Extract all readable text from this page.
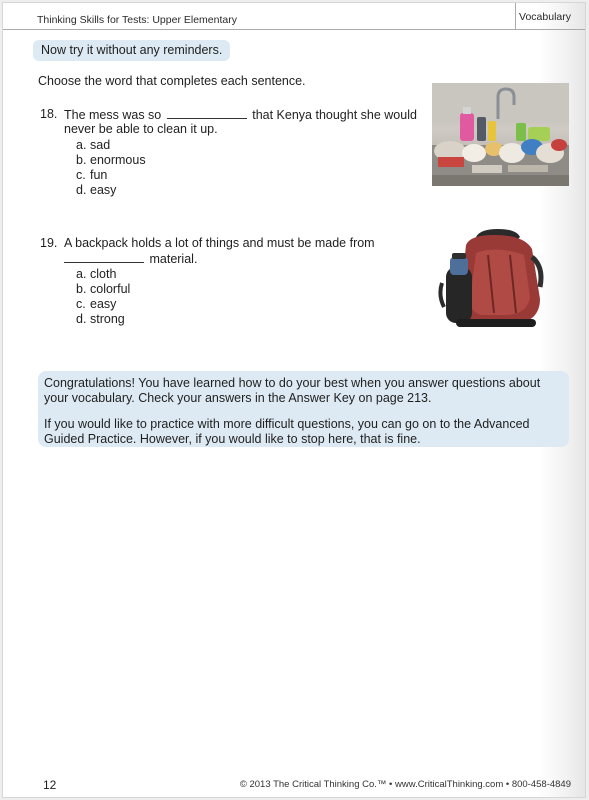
Thinking Skills for Tests: Upper Elementary	Vocabulary
Now try it without any reminders.
Choose the word that completes each sentence.
18. The mess was so	that Kenya thought she would
never be able to clean it up.
a. sad
b. enormous
c. fun
d. easy
19. A backpack holds a lot of things and must be made from
material.
a. cloth
b. colorful
c. easy
d. strong

Congratulations! You have learned how to do your best when you answer questions about your vocabulary. Check your answers in the Answer Key on page 213.

If you would like to practice with more difficult questions, you can go on to the Advanced Guided Practice. However, if you would like to stop here, that is fine.

12	© 2013 The Critical Thinking Co.™ • www.CriticalThinking.com • 800-458-4849
